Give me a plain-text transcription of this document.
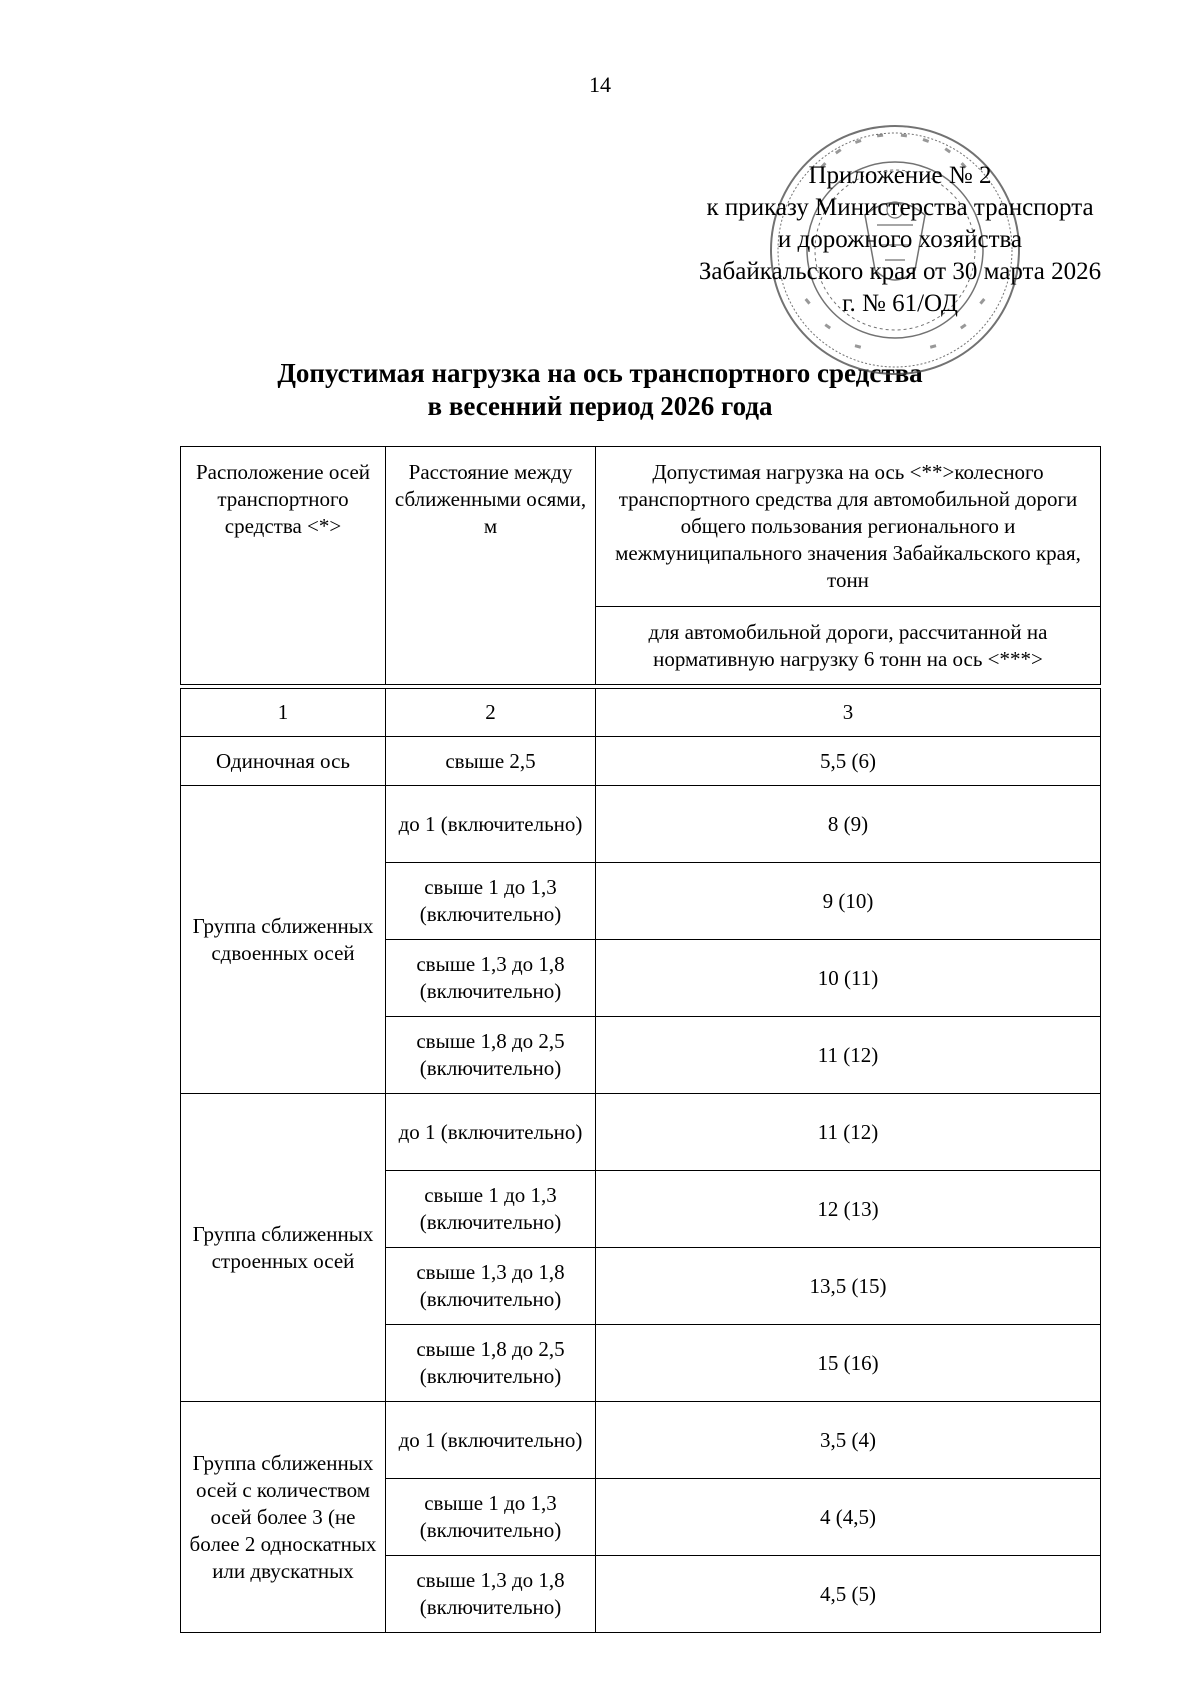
14
Приложение № 2
к приказу Министерства транспорта
и дорожного хозяйства
Забайкальского края от 30 марта 2026
г. № 61/ОД
Допустимая нагрузка на ось транспортного средства
в весенний период 2026 года
Расположение осей транспортного средства <*>	Расстояние между сближенными осями, м	Допустимая нагрузка на ось <**>колесного транспортного средства для автомобильной дороги общего пользования регионального и межмуниципального значения Забайкальского края, тонн
		для автомобильной дороги, рассчитанной на нормативную нагрузку 6 тонн на ось <***>

1	2	3
Одиночная ось	свыше 2,5	5,5 (6)
Группа сближенных сдвоенных осей	до 1 (включительно)	8 (9)
	свыше 1 до 1,3 (включительно)	9 (10)
	свыше 1,3 до 1,8 (включительно)	10 (11)
	свыше 1,8 до 2,5 (включительно)	11 (12)
Группа сближенных строенных осей	до 1 (включительно)	11 (12)
	свыше 1 до 1,3 (включительно)	12 (13)
	свыше 1,3 до 1,8 (включительно)	13,5 (15)
	свыше 1,8 до 2,5 (включительно)	15 (16)
Группа сближенных осей с количеством осей более 3 (не более 2 односкатных или двускатных	до 1 (включительно)	3,5 (4)
	свыше 1 до 1,3 (включительно)	4 (4,5)
	свыше 1,3 до 1,8 (включительно)	4,5 (5)
